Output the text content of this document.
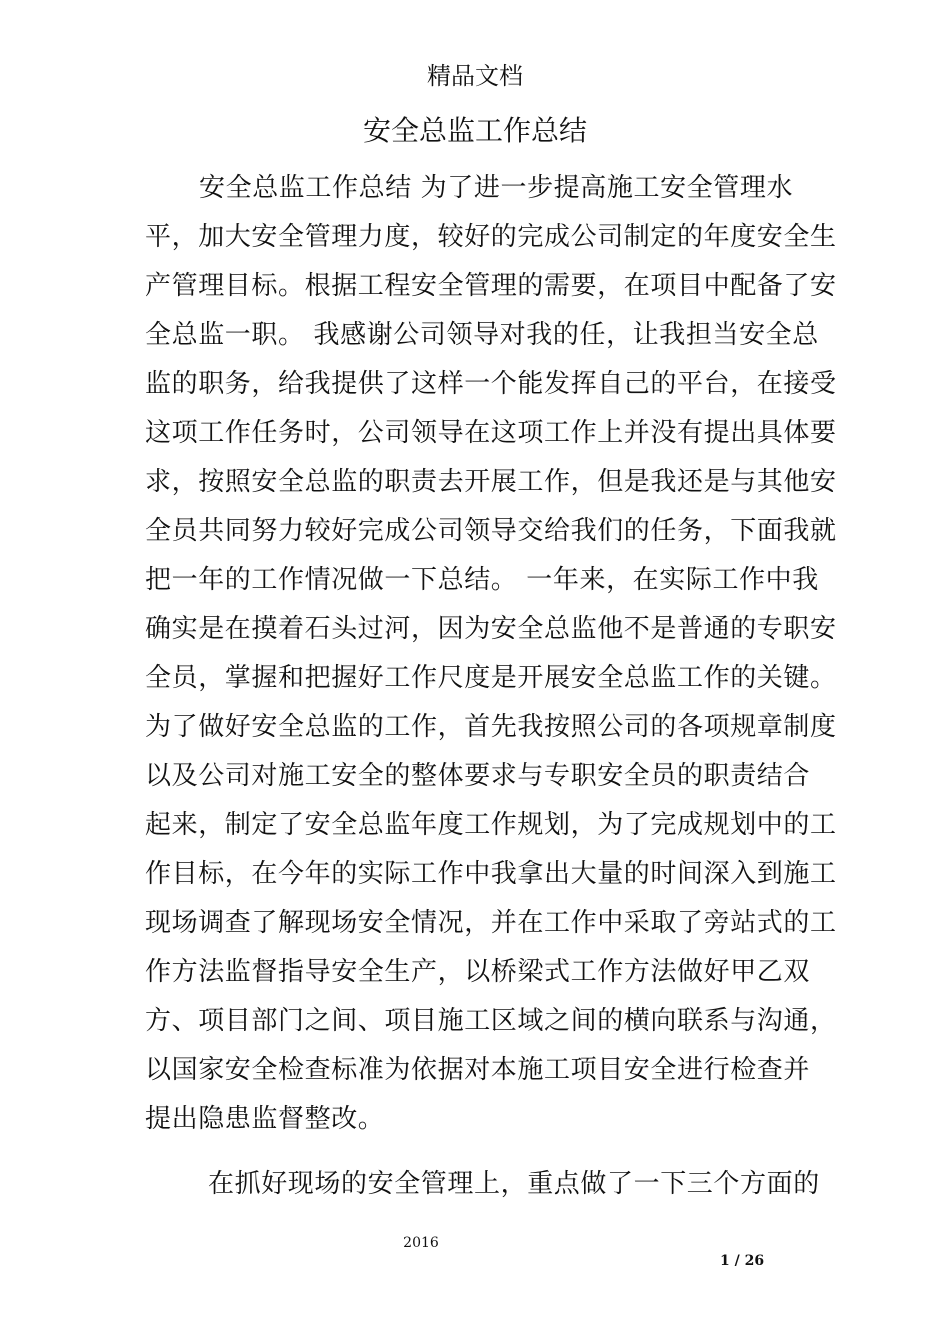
精品文档
安全总监工作总结
安全总监工作总结 为了进一步提高施工安全管理水
平，加大安全管理力度，较好的完成公司制定的年度安全生
产管理目标。根据工程安全管理的需要，在项目中配备了安
全总监一职。 我感谢公司领导对我的任，让我担当安全总
监的职务，给我提供了这样一个能发挥自己的平台，在接受
这项工作任务时，公司领导在这项工作上并没有提出具体要
求，按照安全总监的职责去开展工作，但是我还是与其他安
全员共同努力较好完成公司领导交给我们的任务，下面我就
把一年的工作情况做一下总结。 一年来，在实际工作中我
确实是在摸着石头过河，因为安全总监他不是普通的专职安
全员，掌握和把握好工作尺度是开展安全总监工作的关键。
为了做好安全总监的工作，首先我按照公司的各项规章制度
以及公司对施工安全的整体要求与专职安全员的职责结合
起来，制定了安全总监年度工作规划，为了完成规划中的工
作目标，在今年的实际工作中我拿出大量的时间深入到施工
现场调查了解现场安全情况，并在工作中采取了旁站式的工
作方法监督指导安全生产，以桥梁式工作方法做好甲乙双
方、项目部门之间、项目施工区域之间的横向联系与沟通，
以国家安全检查标准为依据对本施工项目安全进行检查并
提出隐患监督整改。
在抓好现场的安全管理上，重点做了一下三个方面的
2016
1 / 26
